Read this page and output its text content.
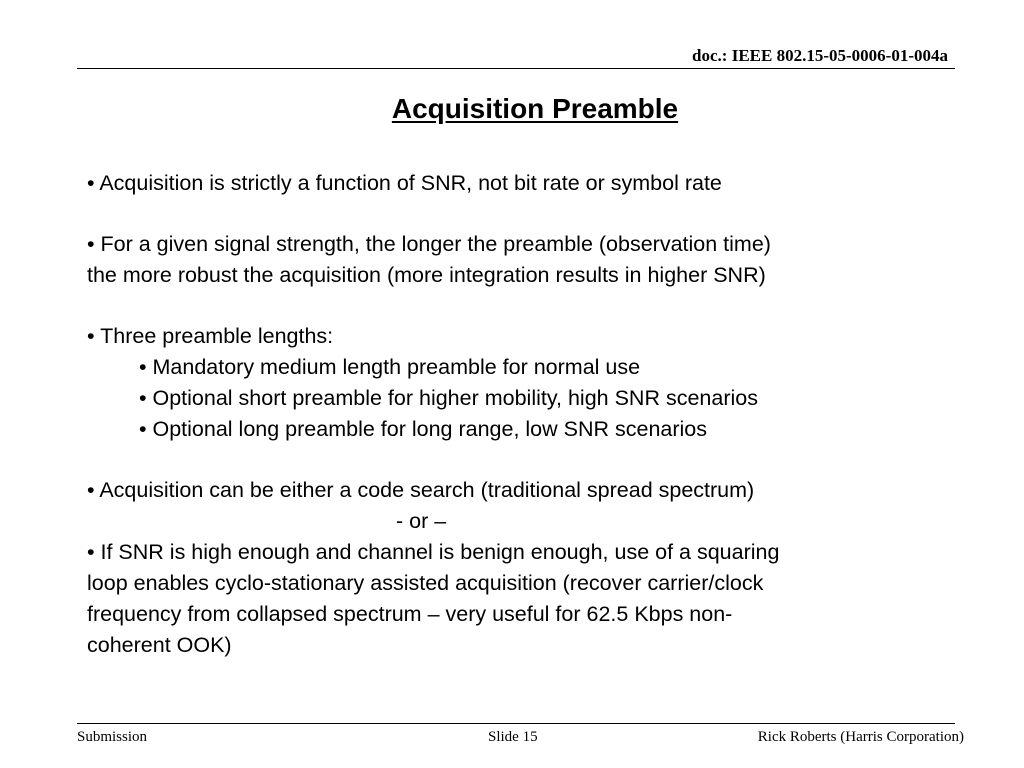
doc.: IEEE 802.15-05-0006-01-004a
Acquisition Preamble
• Acquisition is strictly a function of SNR, not bit rate or symbol rate
• For a given signal strength, the longer the preamble (observation time)
the more robust the acquisition (more integration results in higher SNR)
• Three preamble lengths:
• Mandatory medium length preamble for normal use
• Optional short preamble for higher mobility, high SNR scenarios
• Optional long preamble for long range, low SNR scenarios
• Acquisition can be either a code search (traditional spread spectrum)
- or –
• If SNR is high enough and channel is benign enough, use of a squaring
loop enables cyclo-stationary assisted acquisition (recover carrier/clock
frequency from collapsed spectrum – very useful for 62.5 Kbps non-
coherent OOK)
Submission	Slide 15	Rick Roberts (Harris Corporation)
